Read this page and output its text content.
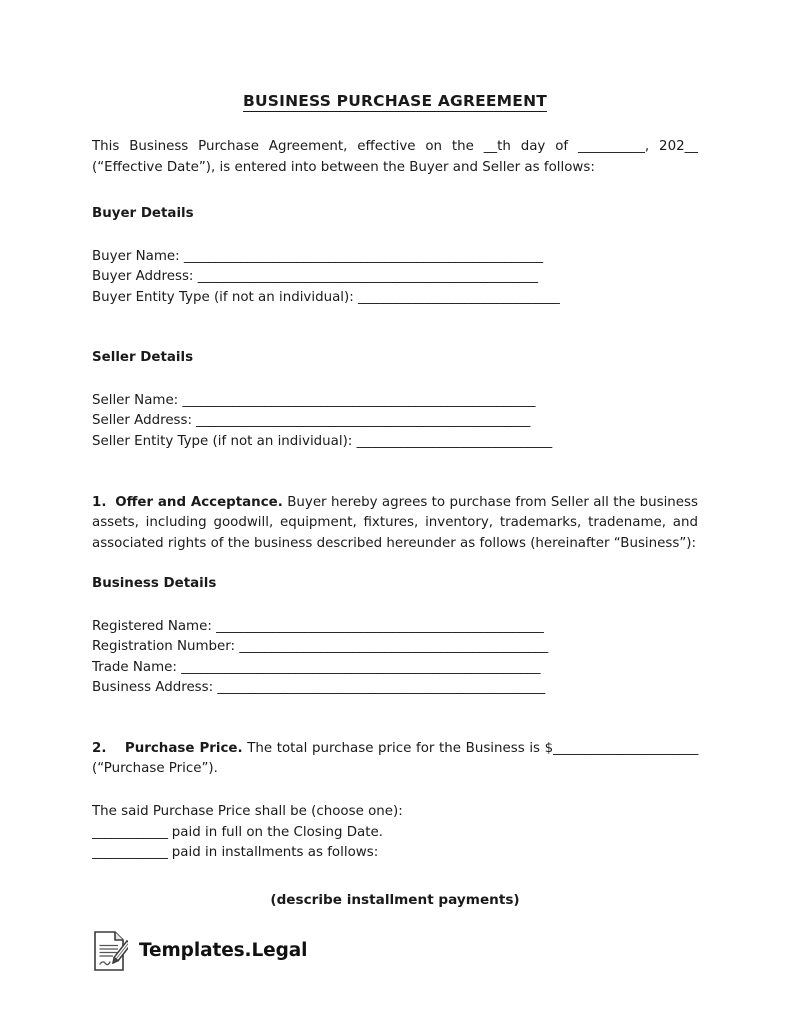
BUSINESS PURCHASE AGREEMENT

This Business Purchase Agreement, effective on the __th day of __________, 202__ (“Effective Date”), is entered into between the Buyer and Seller as follows:

Buyer Details

Buyer Name: _________________________________________________________

Buyer Address: ______________________________________________________

Buyer Entity Type (if not an individual): ________________________________

Seller Details

Seller Name: ________________________________________________________

Seller Address: _____________________________________________________

Seller Entity Type (if not an individual): _______________________________

1. Offer and Acceptance. Buyer hereby agrees to purchase from Seller all the business assets, including goodwill, equipment, fixtures, inventory, trademarks, tradename, and associated rights of the business described hereunder as follows (hereinafter “Business”):

Business Details

Registered Name: ____________________________________________________

Registration Number: _________________________________________________

Trade Name: _________________________________________________________

Business Address: ____________________________________________________

2. Purchase Price. The total purchase price for the Business is $_______________________ (“Purchase Price”).

The said Purchase Price shall be (choose one):

____________ paid in full on the Closing Date.

____________ paid in installments as follows:

(describe installment payments)

Templates.Legal
